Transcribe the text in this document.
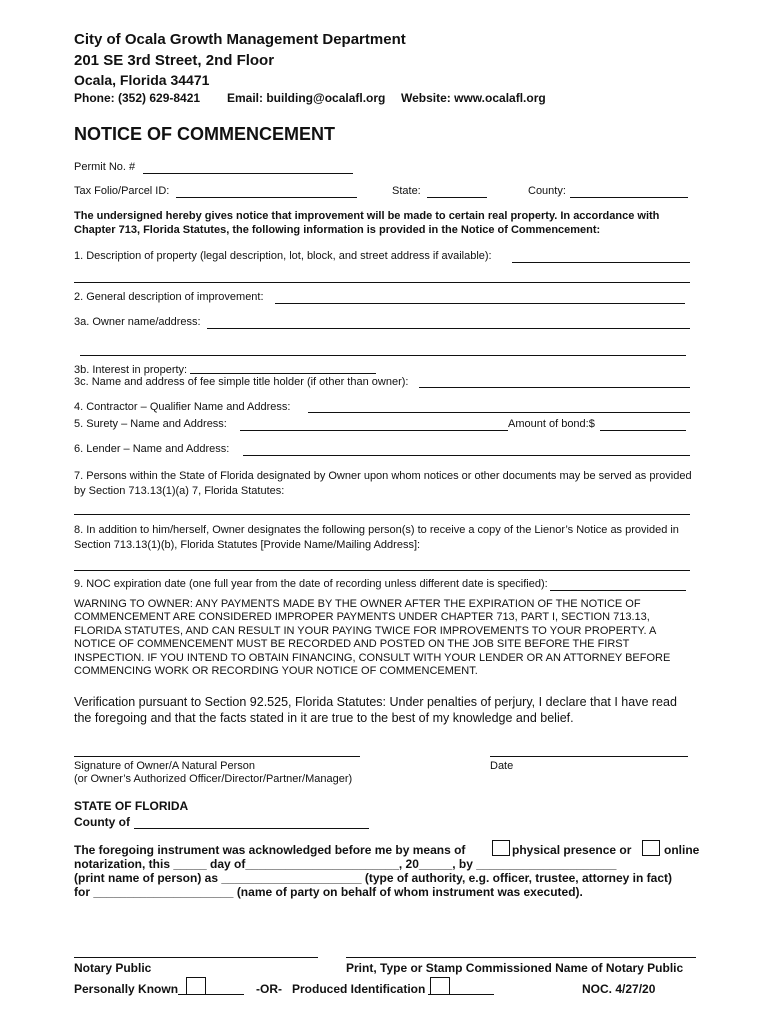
City of Ocala Growth Management Department
201 SE 3rd Street, 2nd Floor
Ocala, Florida 34471
Phone: (352) 629-8421 Email: building@ocalafl.org Website: www.ocalafl.org
NOTICE OF COMMENCEMENT
Permit No. #
Tax Folio/Parcel ID:	State:	County:
The undersigned hereby gives notice that improvement will be made to certain real property. In accordance with Chapter 713, Florida Statutes, the following information is provided in the Notice of Commencement:
1. Description of property (legal description, lot, block, and street address if available):
2. General description of improvement:
3a. Owner name/address:
3b. Interest in property:
3c. Name and address of fee simple title holder (if other than owner):
4. Contractor – Qualifier Name and Address:
5. Surety – Name and Address:	Amount of bond:$
6. Lender – Name and Address:
7. Persons within the State of Florida designated by Owner upon whom notices or other documents may be served as provided by Section 713.13(1)(a) 7, Florida Statutes:
8. In addition to him/herself, Owner designates the following person(s) to receive a copy of the Lienor’s Notice as provided in Section 713.13(1)(b), Florida Statutes [Provide Name/Mailing Address]:
9. NOC expiration date (one full year from the date of recording unless different date is specified):
WARNING TO OWNER: ANY PAYMENTS MADE BY THE OWNER AFTER THE EXPIRATION OF THE NOTICE OF COMMENCEMENT ARE CONSIDERED IMPROPER PAYMENTS UNDER CHAPTER 713, PART I, SECTION 713.13, FLORIDA STATUTES, AND CAN RESULT IN YOUR PAYING TWICE FOR IMPROVEMENTS TO YOUR PROPERTY. A NOTICE OF COMMENCEMENT MUST BE RECORDED AND POSTED ON THE JOB SITE BEFORE THE FIRST INSPECTION. IF YOU INTEND TO OBTAIN FINANCING, CONSULT WITH YOUR LENDER OR AN ATTORNEY BEFORE COMMENCING WORK OR RECORDING YOUR NOTICE OF COMMENCEMENT.
Verification pursuant to Section 92.525, Florida Statutes: Under penalties of perjury, I declare that I have read the foregoing and that the facts stated in it are true to the best of my knowledge and belief.
Signature of Owner/A Natural Person
(or Owner’s Authorized Officer/Director/Partner/Manager)
Date
STATE OF FLORIDA
County of
The foregoing instrument was acknowledged before me by means of	physical presence or	online
notarization, this _____ day of_______________________, 20_____, by _____________________
(print name of person) as _____________________ (type of authority, e.g. officer, trustee, attorney in fact)
for _____________________ (name of party on behalf of whom instrument was executed).
Notary Public	Print, Type or Stamp Commissioned Name of Notary Public
Personally Known	-OR- Produced Identification	NOC. 4/27/20
